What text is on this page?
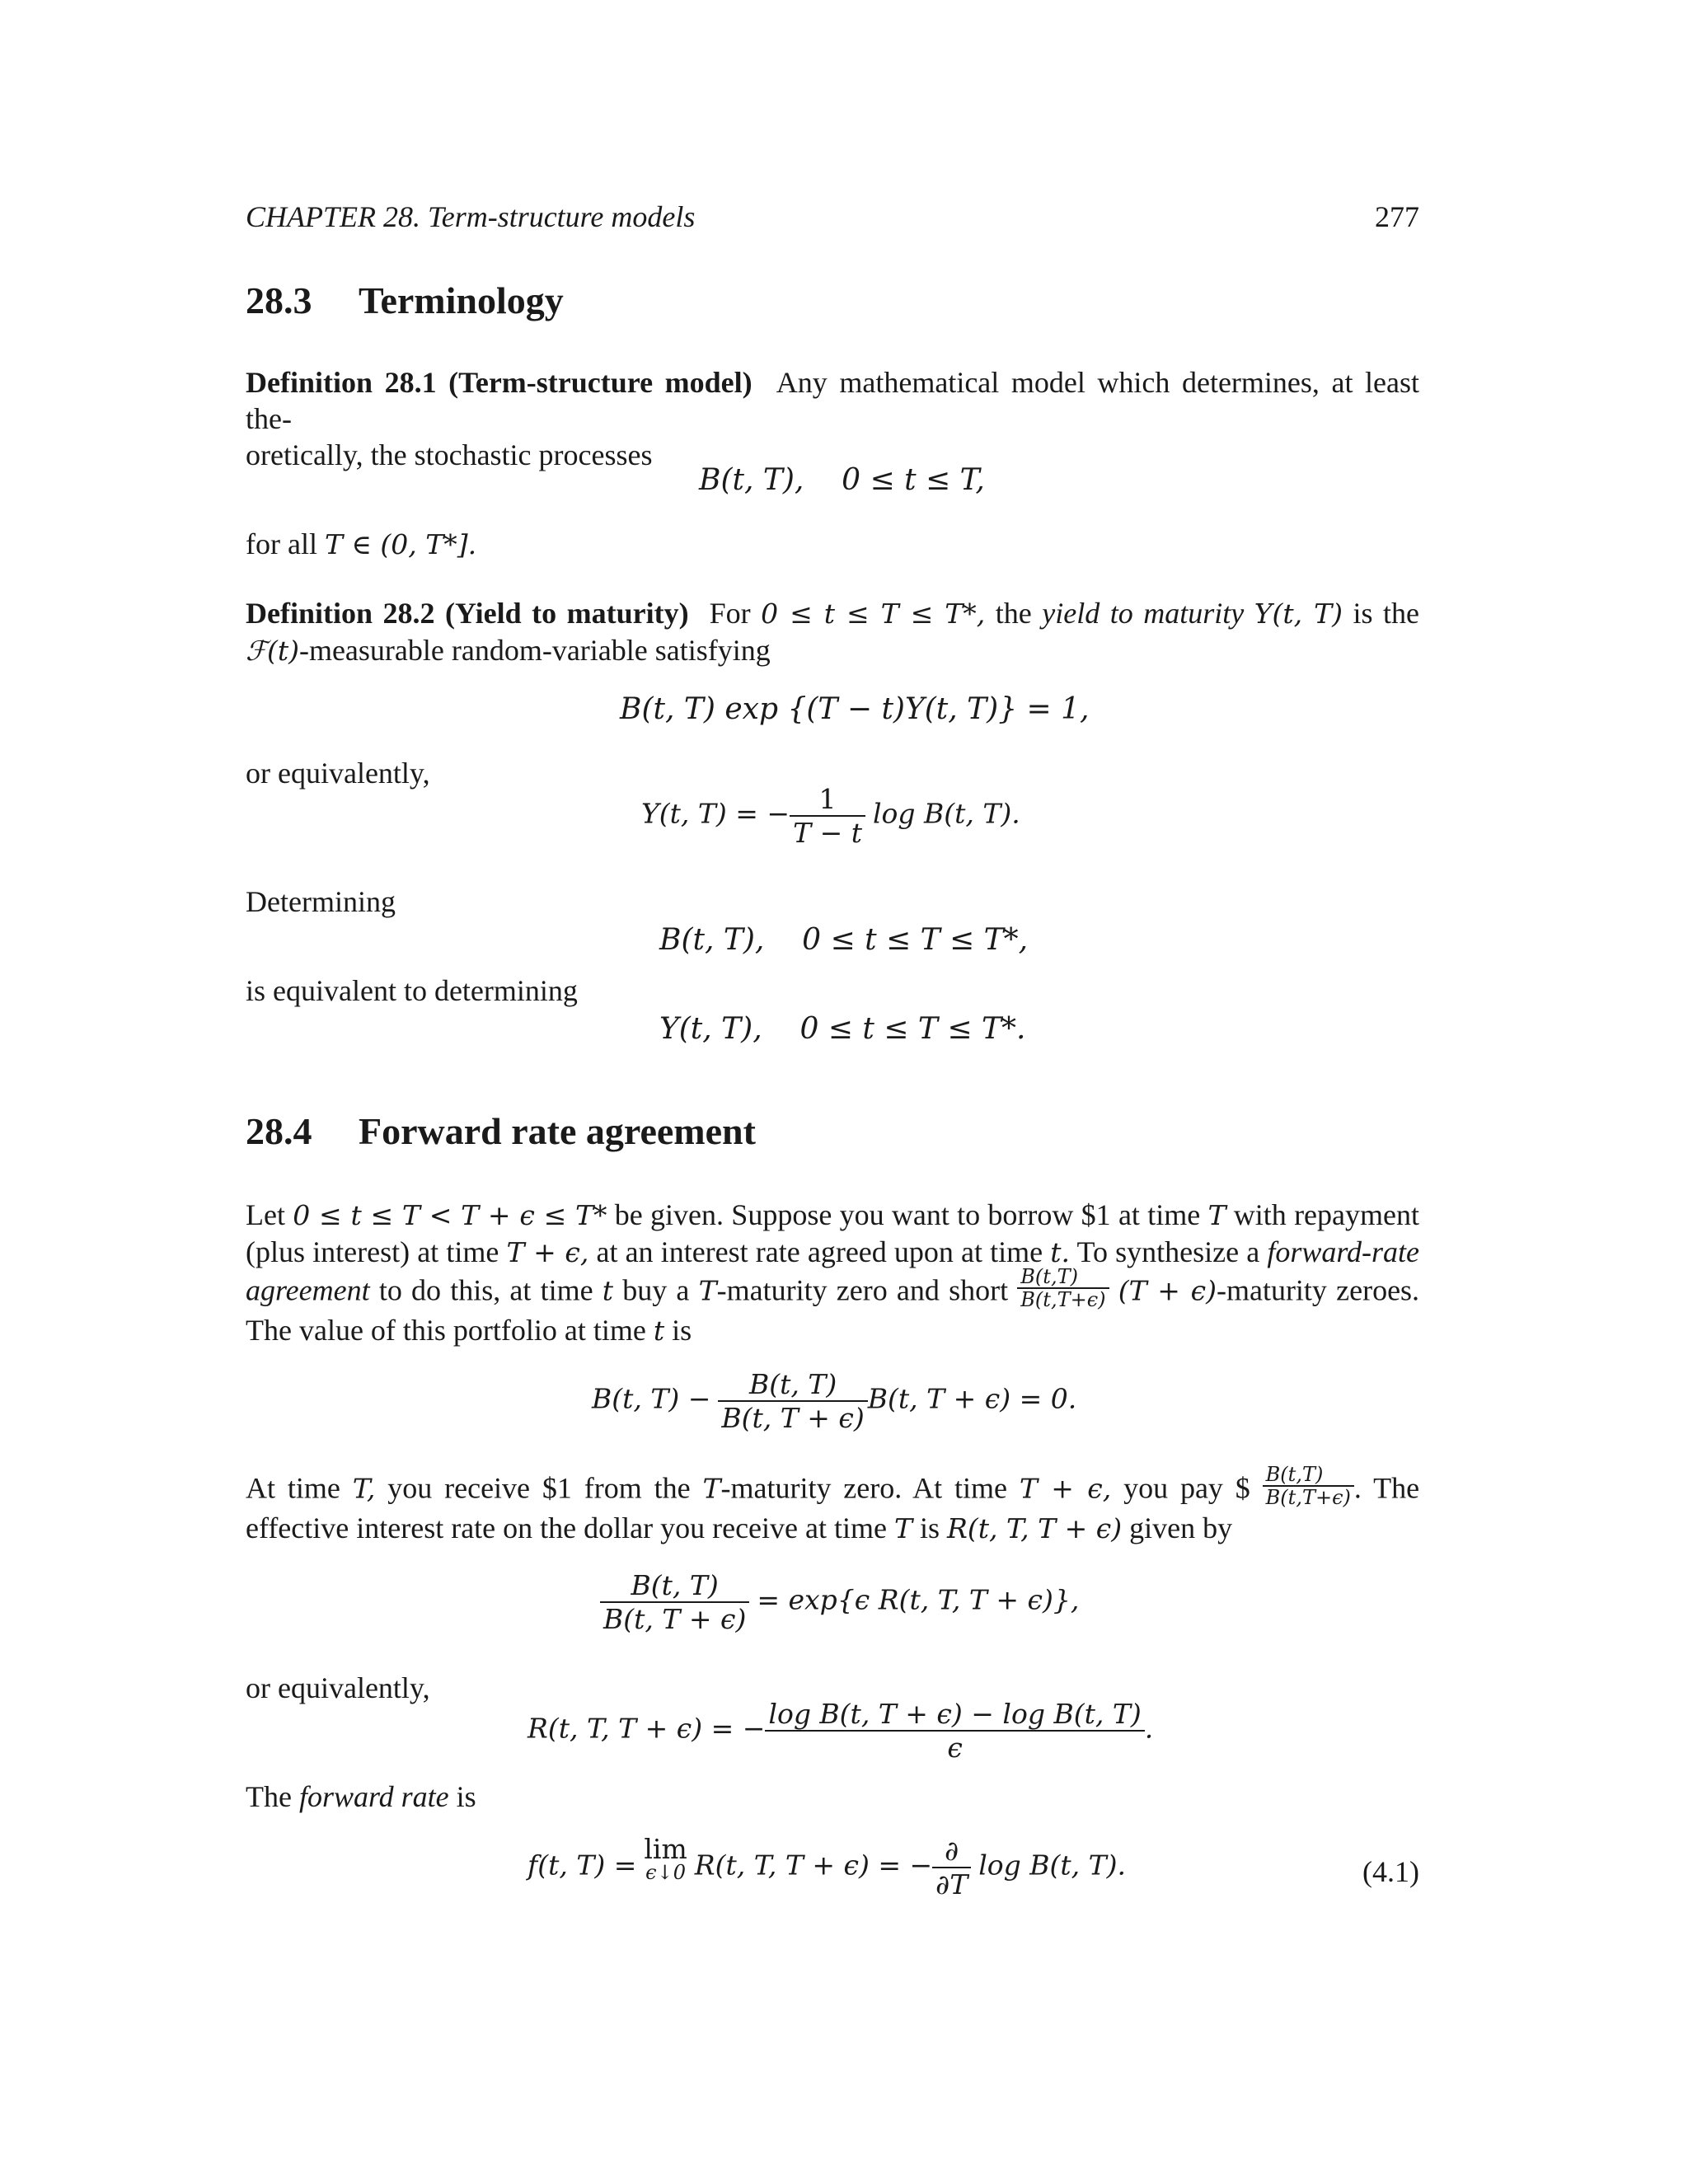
CHAPTER 28. Term-structure models	277
28.3 Terminology
Definition 28.1 (Term-structure model) Any mathematical model which determines, at least the-
oretically, the stochastic processes
B(t, T),    0 ≤ t ≤ T,
for all T ∈ (0, T*].
Definition 28.2 (Yield to maturity) For 0 ≤ t ≤ T ≤ T*, the yield to maturity Y(t, T) is the
ℱ(t)-measurable random-variable satisfying
B(t, T) exp {(T − t)Y(t, T)} = 1,
or equivalently,
Y(t, T) = − $\frac{1}{T - t}$ log B(t, T).
Determining
B(t, T),    0 ≤ t ≤ T ≤ T*,
is equivalent to determining
Y(t, T),    0 ≤ t ≤ T ≤ T*.
28.4 Forward rate agreement
Let 0 ≤ t ≤ T < T + ϵ ≤ T* be given. Suppose you want to borrow $1 at time T with repayment
(plus interest) at time T + ϵ, at an interest rate agreed upon at time t. To synthesize a forward-rate
agreement to do this, at time t buy a T-maturity zero and short $\frac{B(t,T)}{B(t,T+\epsilon)} (T$ + ϵ)-maturity zeroes.
The value of this portfolio at time t is
B(t, $T) - \frac{B(t, T)}{B(t, T + \epsilon)} B(t$, T + ϵ) = 0.
At time T, you receive $1 from the T-maturity zero. At time T + ϵ, you pay $ $\frac{B(t,T)}{B(t,T+\epsilon)}$ . The
effective interest rate on the dollar you receive at time T is R(t, T, T + ϵ) given by
$\frac{B(t, T)}{B(t, T + \epsilon)} = \exp\{\epsilon$ R(t, T, T + ϵ)},
or equivalently,
R(t, T, T + ϵ) = − $\frac{\text{log B(t, T + ϵ) − log B(t, T)}}{\epsilon}$ .
The forward rate is
f(t, T) = lim
ϵ↓0 R(t, T, T + ϵ) = − $\frac{\partial}{\partial T}$ log B(t, T).	(4.1)
